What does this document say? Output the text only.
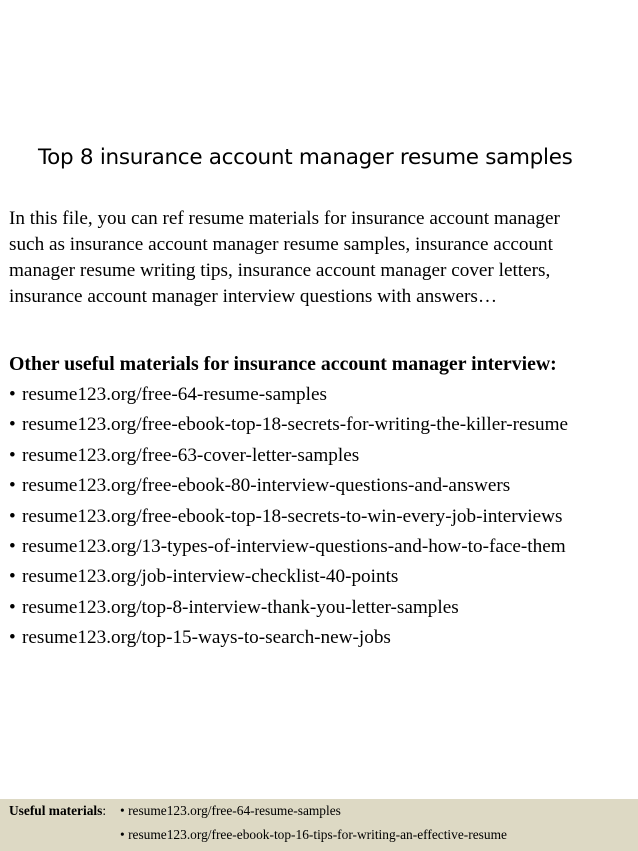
Top 8 insurance account manager resume samples

In this file, you can ref resume materials for insurance account manager
such as insurance account manager resume samples, insurance account
manager resume writing tips, insurance account manager cover letters,
insurance account manager interview questions with answers…

Other useful materials for insurance account manager interview:
• resume123.org/free-64-resume-samples
• resume123.org/free-ebook-top-18-secrets-for-writing-the-killer-resume
• resume123.org/free-63-cover-letter-samples
• resume123.org/free-ebook-80-interview-questions-and-answers
• resume123.org/free-ebook-top-18-secrets-to-win-every-job-interviews
• resume123.org/13-types-of-interview-questions-and-how-to-face-them
• resume123.org/job-interview-checklist-40-points
• resume123.org/top-8-interview-thank-you-letter-samples
• resume123.org/top-15-ways-to-search-new-jobs
Useful materials: • resume123.org/free-64-resume-samples
• resume123.org/free-ebook-top-16-tips-for-writing-an-effective-resume
